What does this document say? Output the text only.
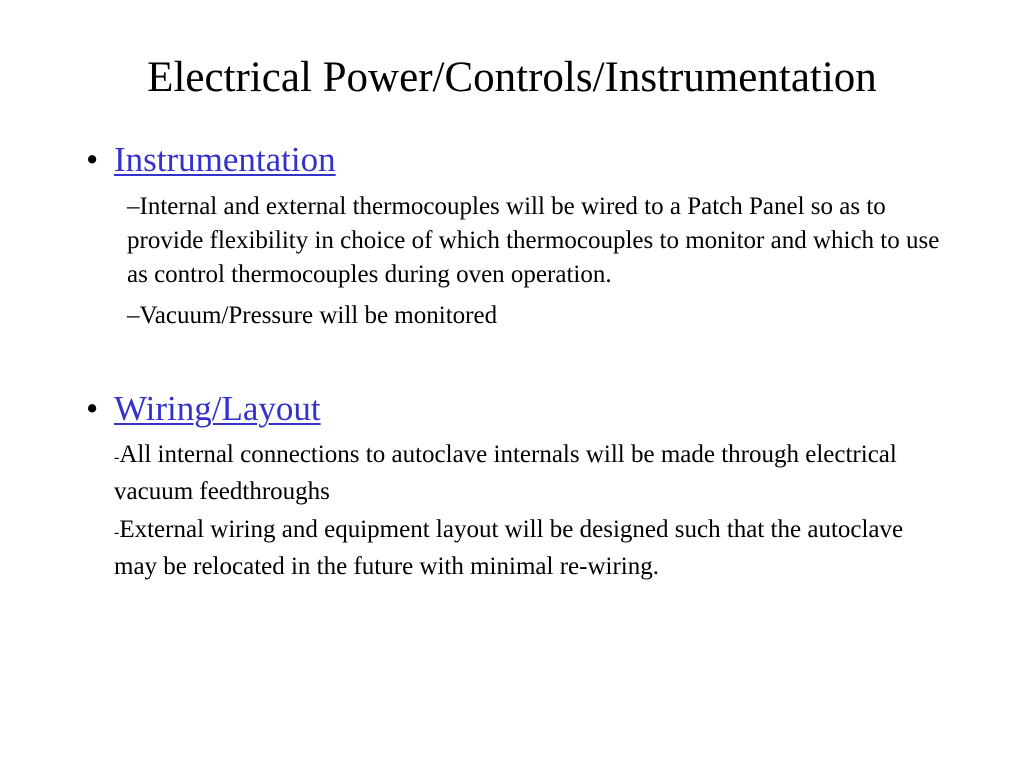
Electrical Power/Controls/Instrumentation
• Instrumentation
–Internal and external thermocouples will be wired to a Patch Panel so as to provide flexibility in choice of which thermocouples to monitor and which to use as control thermocouples during oven operation.
–Vacuum/Pressure will be monitored
• Wiring/Layout
-All internal connections to autoclave internals will be made through electrical vacuum feedthroughs
-External wiring and equipment layout will be designed such that the autoclave may be relocated in the future with minimal re-wiring.
